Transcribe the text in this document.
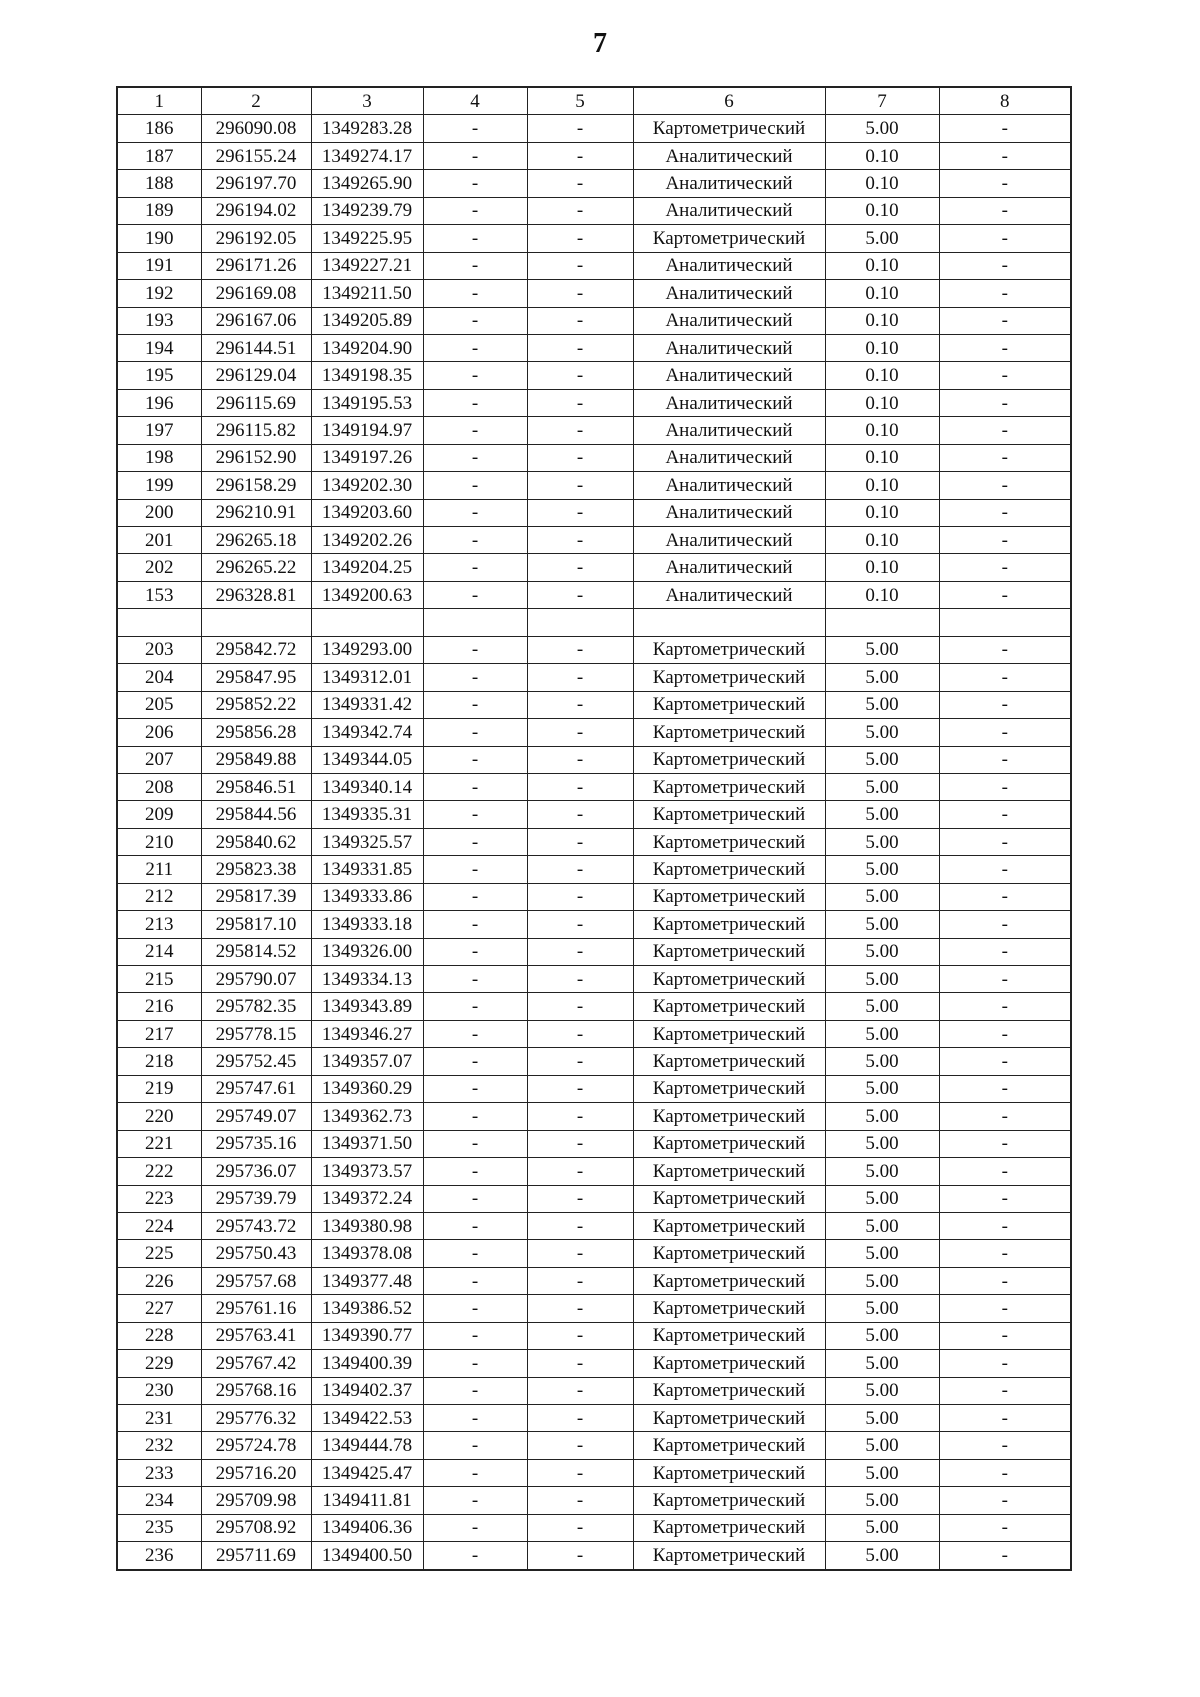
7
1	2	3	4	5	6	7	8
186	296090.08	1349283.28	-	-	Картометрический	5.00	-
187	296155.24	1349274.17	-	-	Аналитический	0.10	-
188	296197.70	1349265.90	-	-	Аналитический	0.10	-
189	296194.02	1349239.79	-	-	Аналитический	0.10	-
190	296192.05	1349225.95	-	-	Картометрический	5.00	-
191	296171.26	1349227.21	-	-	Аналитический	0.10	-
192	296169.08	1349211.50	-	-	Аналитический	0.10	-
193	296167.06	1349205.89	-	-	Аналитический	0.10	-
194	296144.51	1349204.90	-	-	Аналитический	0.10	-
195	296129.04	1349198.35	-	-	Аналитический	0.10	-
196	296115.69	1349195.53	-	-	Аналитический	0.10	-
197	296115.82	1349194.97	-	-	Аналитический	0.10	-
198	296152.90	1349197.26	-	-	Аналитический	0.10	-
199	296158.29	1349202.30	-	-	Аналитический	0.10	-
200	296210.91	1349203.60	-	-	Аналитический	0.10	-
201	296265.18	1349202.26	-	-	Аналитический	0.10	-
202	296265.22	1349204.25	-	-	Аналитический	0.10	-
153	296328.81	1349200.63	-	-	Аналитический	0.10	-

203	295842.72	1349293.00	-	-	Картометрический	5.00	-
204	295847.95	1349312.01	-	-	Картометрический	5.00	-
205	295852.22	1349331.42	-	-	Картометрический	5.00	-
206	295856.28	1349342.74	-	-	Картометрический	5.00	-
207	295849.88	1349344.05	-	-	Картометрический	5.00	-
208	295846.51	1349340.14	-	-	Картометрический	5.00	-
209	295844.56	1349335.31	-	-	Картометрический	5.00	-
210	295840.62	1349325.57	-	-	Картометрический	5.00	-
211	295823.38	1349331.85	-	-	Картометрический	5.00	-
212	295817.39	1349333.86	-	-	Картометрический	5.00	-
213	295817.10	1349333.18	-	-	Картометрический	5.00	-
214	295814.52	1349326.00	-	-	Картометрический	5.00	-
215	295790.07	1349334.13	-	-	Картометрический	5.00	-
216	295782.35	1349343.89	-	-	Картометрический	5.00	-
217	295778.15	1349346.27	-	-	Картометрический	5.00	-
218	295752.45	1349357.07	-	-	Картометрический	5.00	-
219	295747.61	1349360.29	-	-	Картометрический	5.00	-
220	295749.07	1349362.73	-	-	Картометрический	5.00	-
221	295735.16	1349371.50	-	-	Картометрический	5.00	-
222	295736.07	1349373.57	-	-	Картометрический	5.00	-
223	295739.79	1349372.24	-	-	Картометрический	5.00	-
224	295743.72	1349380.98	-	-	Картометрический	5.00	-
225	295750.43	1349378.08	-	-	Картометрический	5.00	-
226	295757.68	1349377.48	-	-	Картометрический	5.00	-
227	295761.16	1349386.52	-	-	Картометрический	5.00	-
228	295763.41	1349390.77	-	-	Картометрический	5.00	-
229	295767.42	1349400.39	-	-	Картометрический	5.00	-
230	295768.16	1349402.37	-	-	Картометрический	5.00	-
231	295776.32	1349422.53	-	-	Картометрический	5.00	-
232	295724.78	1349444.78	-	-	Картометрический	5.00	-
233	295716.20	1349425.47	-	-	Картометрический	5.00	-
234	295709.98	1349411.81	-	-	Картометрический	5.00	-
235	295708.92	1349406.36	-	-	Картометрический	5.00	-
236	295711.69	1349400.50	-	-	Картометрический	5.00	-
